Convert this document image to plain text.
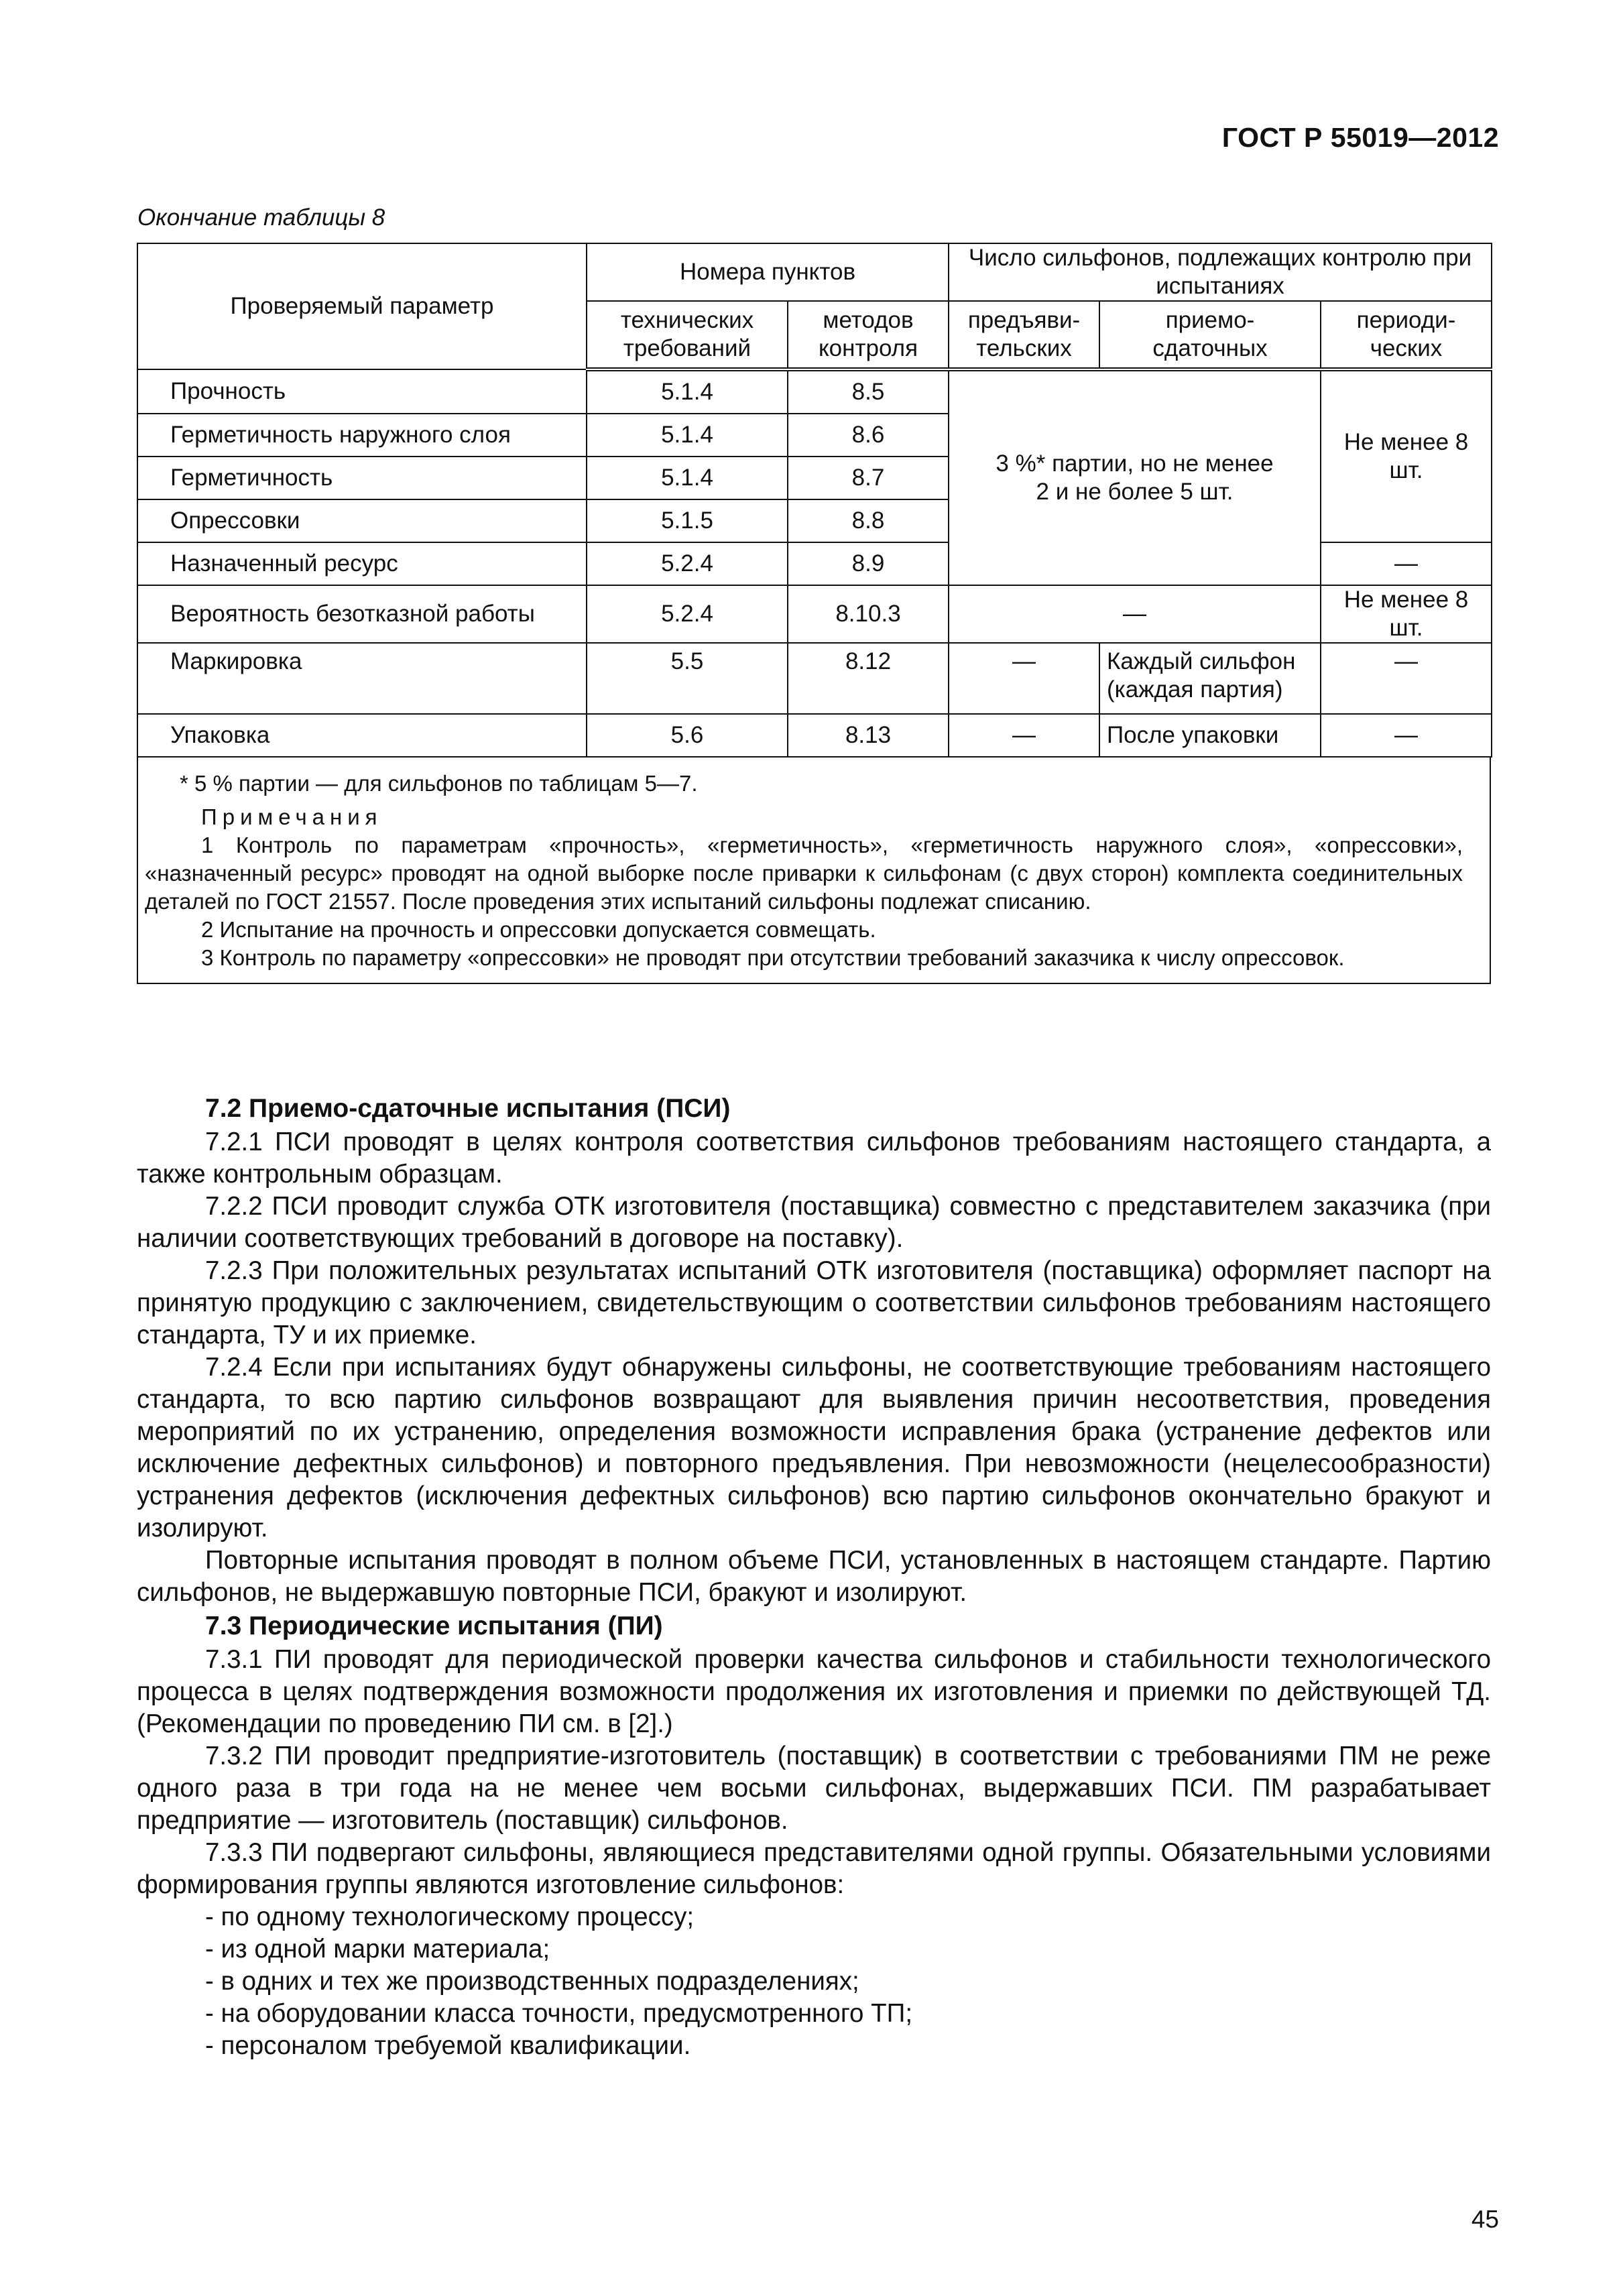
ГОСТ Р 55019—2012
Окончание таблицы 8
Проверяемый параметр	Номера пунктов		Число сильфонов, подлежащих контролю при испытаниях		
	технических требований	методов контроля	предъяви- тельских	приемо- сдаточных	периоди- ческих
Прочность	5.1.4	8.5	3 %* партии, но не менее 2 и не более 5 шт.		Не менее 8 шт.
Герметичность наружного слоя	5.1.4	8.6			
Герметичность	5.1.4	8.7			
Опрессовки	5.1.5	8.8			
Назначенный ресурс	5.2.4	8.9			—
Вероятность безотказной работы	5.2.4	8.10.3	—		Не менее 8 шт.
Маркировка	5.5	8.12	—	Каждый сильфон (каждая партия)	—
Упаковка	5.6	8.13	—	После упаковки	—
* 5 % партии — для сильфонов по таблицам 5—7.
Примечания
1 Контроль по параметрам «прочность», «герметичность», «герметичность наружного слоя», «опрессовки», «назначенный ресурс» проводят на одной выборке после приварки к сильфонам (с двух сторон) комплекта соединительных деталей по ГОСТ 21557. После проведения этих испытаний сильфоны подлежат списанию.
2 Испытание на прочность и опрессовки допускается совмещать.
3 Контроль по параметру «опрессовки» не проводят при отсутствии требований заказчика к числу опрессовок.
7.2 Приемо-сдаточные испытания (ПСИ)

7.2.1 ПСИ проводят в целях контроля соответствия сильфонов требованиям настоящего стандарта, а также контрольным образцам.

7.2.2 ПСИ проводит служба ОТК изготовителя (поставщика) совместно с представителем заказчика (при наличии соответствующих требований в договоре на поставку).

7.2.3 При положительных результатах испытаний ОТК изготовителя (поставщика) оформляет паспорт на принятую продукцию с заключением, свидетельствующим о соответствии сильфонов требованиям настоящего стандарта, ТУ и их приемке.

7.2.4 Если при испытаниях будут обнаружены сильфоны, не соответствующие требованиям настоящего стандарта, то всю партию сильфонов возвращают для выявления причин несоответствия, проведения мероприятий по их устранению, определения возможности исправления брака (устранение дефектов или исключение дефектных сильфонов) и повторного предъявления. При невозможности (нецелесообразности) устранения дефектов (исключения дефектных сильфонов) всю партию сильфонов окончательно бракуют и изолируют.

Повторные испытания проводят в полном объеме ПСИ, установленных в настоящем стандарте. Партию сильфонов, не выдержавшую повторные ПСИ, бракуют и изолируют.

7.3 Периодические испытания (ПИ)

7.3.1 ПИ проводят для периодической проверки качества сильфонов и стабильности технологического процесса в целях подтверждения возможности продолжения их изготовления и приемки по действующей ТД. (Рекомендации по проведению ПИ см. в [2].)

7.3.2 ПИ проводит предприятие-изготовитель (поставщик) в соответствии с требованиями ПМ не реже одного раза в три года на не менее чем восьми сильфонах, выдержавших ПСИ. ПМ разрабатывает предприятие — изготовитель (поставщик) сильфонов.

7.3.3 ПИ подвергают сильфоны, являющиеся представителями одной группы. Обязательными условиями формирования группы являются изготовление сильфонов:

- по одному технологическому процессу;

- из одной марки материала;

- в одних и тех же производственных подразделениях;

- на оборудовании класса точности, предусмотренного ТП;

- персоналом требуемой квалификации.

45
